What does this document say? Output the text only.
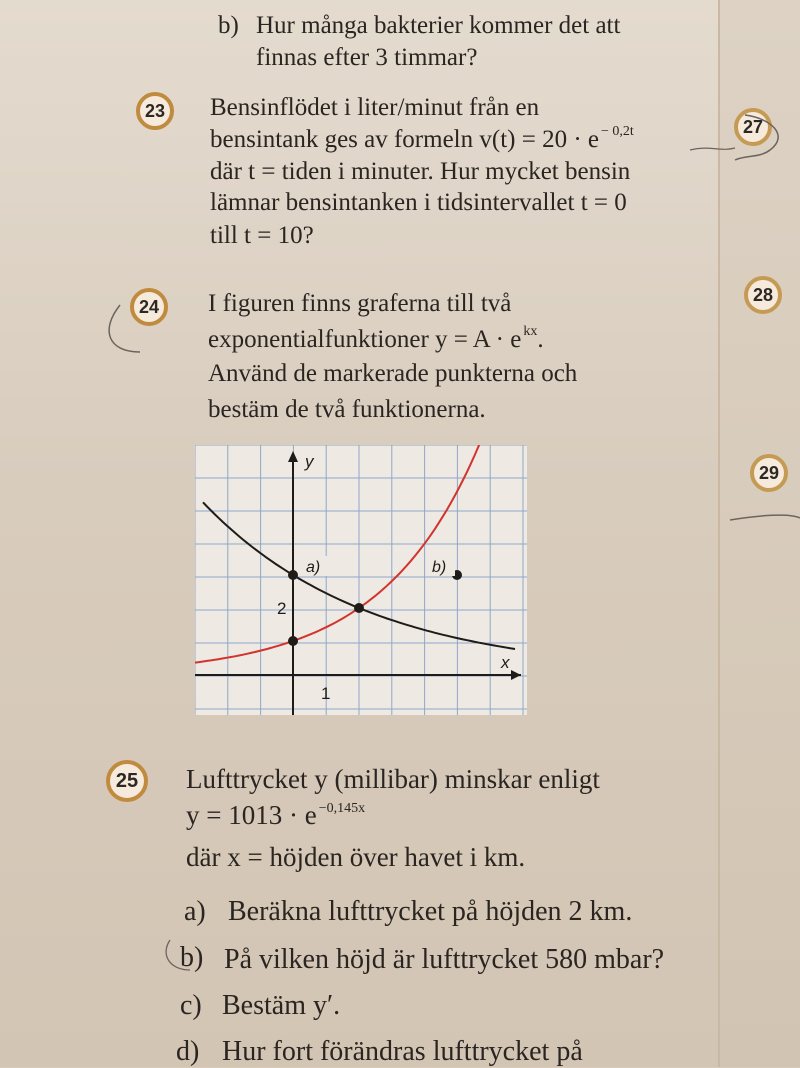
b) Hur många bakterier kommer det att
finnas efter 3 timmar?
23	Bensinflödet i liter/minut från en
bensintank ges av formeln v(t) = 20 · e $^{- 0,2t}$
där t = tiden i minuter. Hur mycket bensin
lämnar bensintanken i tidsintervallet t = 0
till t = 10?
24	I figuren finns graferna till två
exponentialfunktioner y = A · e $^{kx}$.
Använd de markerade punkterna och
bestäm de två funktionerna.
y
x
2
1
a)	b)
25	Lufttrycket y (millibar) minskar enligt
y = 1013 · e $^{-0,145x}$
där x = höjden över havet i km.
a) Beräkna lufttrycket på höjden 2 km.
b) På vilken höjd är lufttrycket 580 mbar?
c) Bestäm y′.
d) Hur fort förändras lufttrycket på
27
28
29
